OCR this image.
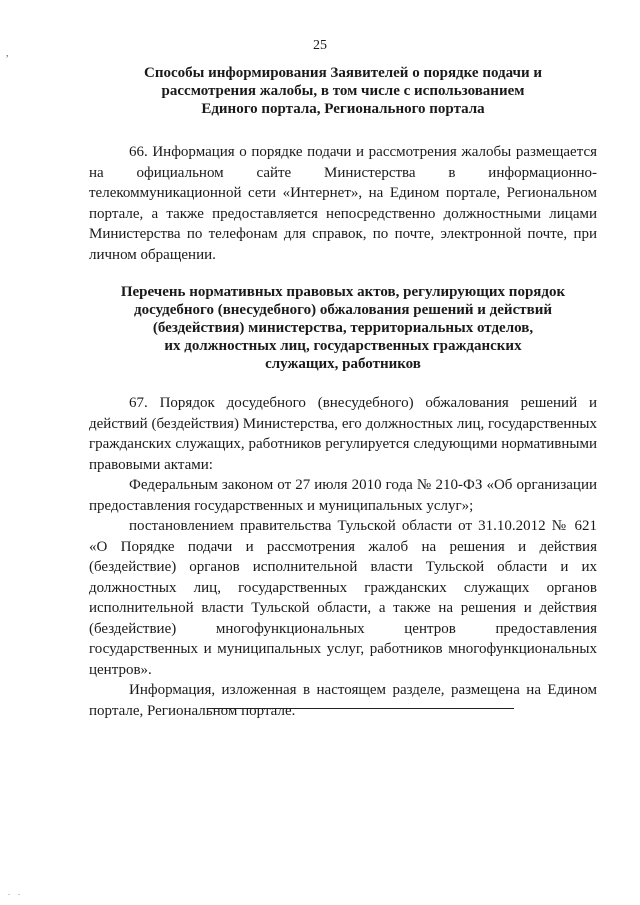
,
25
Способы информирования Заявителей о порядке подачи и
рассмотрения жалобы, в том числе с использованием
Единого портала, Регионального портала

66. Информация о порядке подачи и рассмотрения жалобы размещается на официальном сайте Министерства в информационно-телекоммуникационной сети «Интернет», на Едином портале, Региональном портале, а также предоставляется непосредственно должностными лицами Министерства по телефонам для справок, по почте, электронной почте, при личном обращении.

Перечень нормативных правовых актов, регулирующих порядок
досудебного (внесудебного) обжалования решений и действий
(бездействия) министерства, территориальных отделов,
их должностных лиц, государственных гражданских
служащих, работников

67. Порядок досудебного (внесудебного) обжалования решений и действий (бездействия) Министерства, его должностных лиц, государственных гражданских служащих, работников регулируется следующими нормативными правовыми актами:

Федеральным законом от 27 июля 2010 года № 210-ФЗ «Об организации предоставления государственных и муниципальных услуг»;

постановлением правительства Тульской области от 31.10.2012 № 621 «О Порядке подачи и рассмотрения жалоб на решения и действия (бездействие) органов исполнительной власти Тульской области и их должностных лиц, государственных гражданских служащих органов исполнительной власти Тульской области, а также на решения и действия (бездействие) многофункциональных центров предоставления государственных и муниципальных услуг, работников многофункциональных центров».

Информация, изложенная в настоящем разделе, размещена на Едином портале, Региональном портале.

. .
